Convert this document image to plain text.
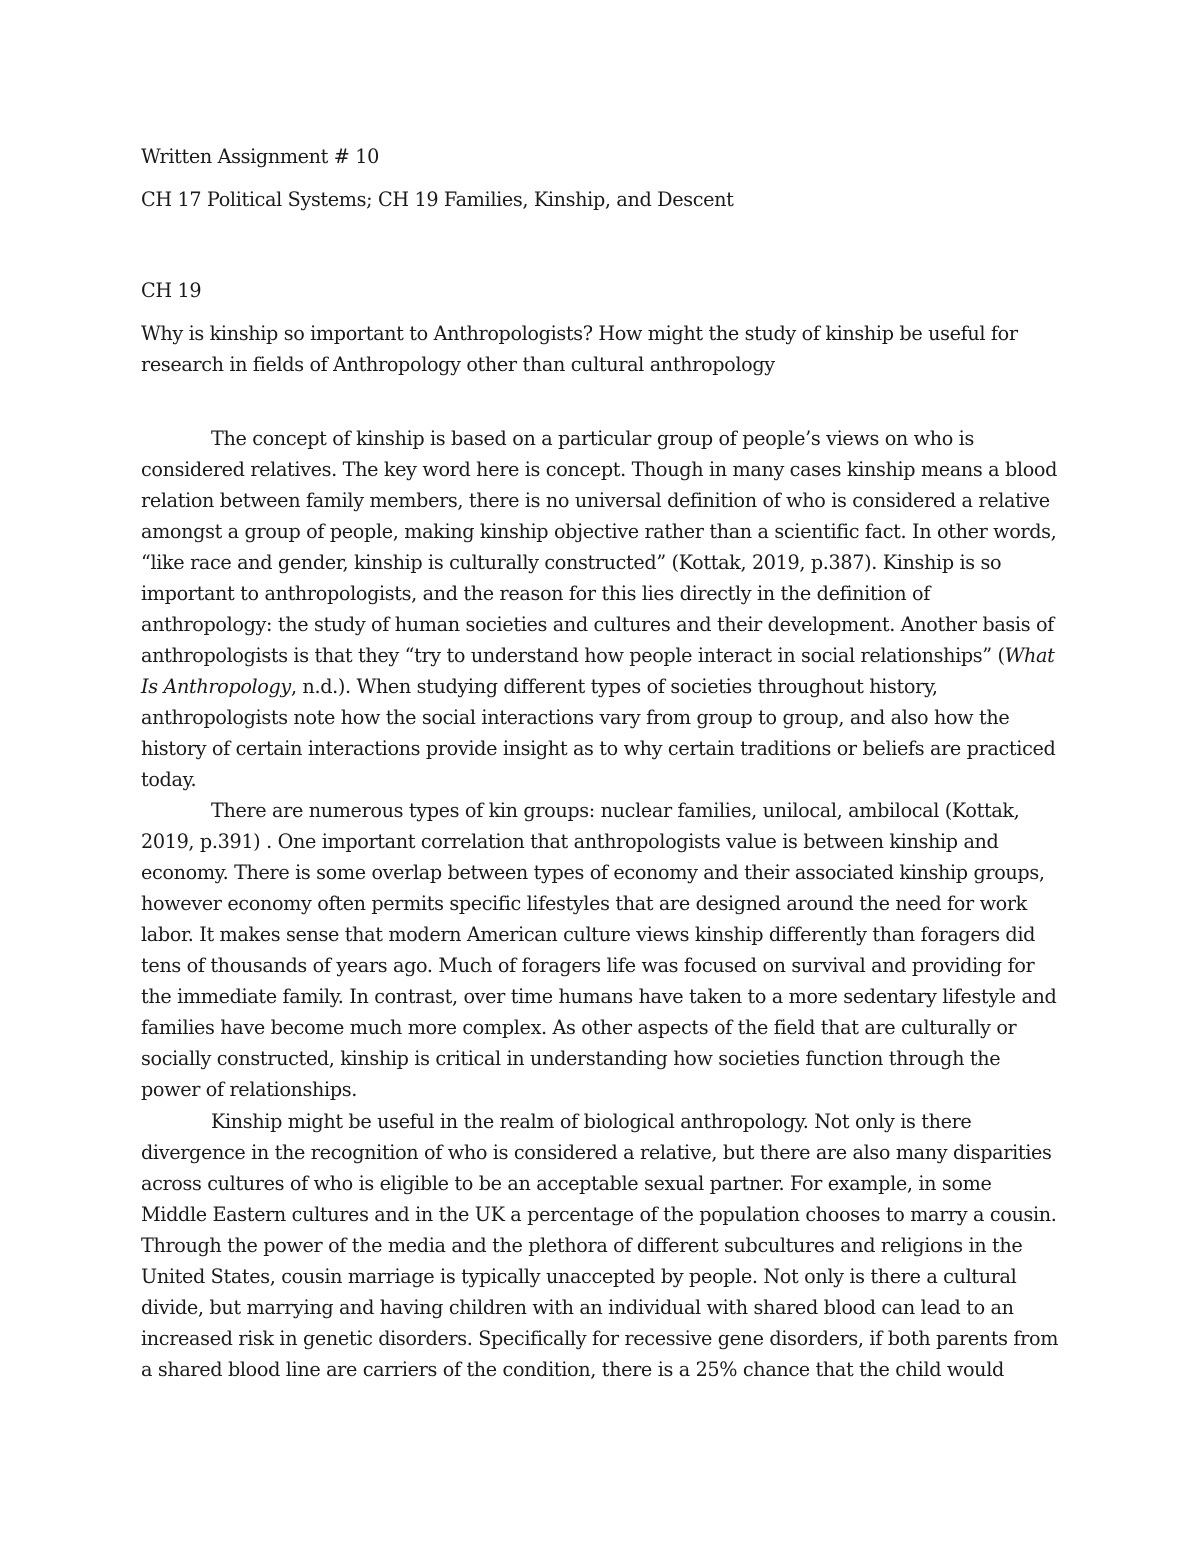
Written Assignment # 10
CH 17 Political Systems; CH 19 Families, Kinship, and Descent
CH 19
Why is kinship so important to Anthropologists? How might the study of kinship be useful for
research in fields of Anthropology other than cultural anthropology
The concept of kinship is based on a particular group of people’s views on who is
considered relatives. The key word here is concept. Though in many cases kinship means a blood
relation between family members, there is no universal definition of who is considered a relative
amongst a group of people, making kinship objective rather than a scientific fact. In other words,
“like race and gender, kinship is culturally constructed” (Kottak, 2019, p.387). Kinship is so
important to anthropologists, and the reason for this lies directly in the definition of
anthropology: the study of human societies and cultures and their development. Another basis of
anthropologists is that they “try to understand how people interact in social relationships” (What
Is Anthropology, n.d.). When studying different types of societies throughout history,
anthropologists note how the social interactions vary from group to group, and also how the
history of certain interactions provide insight as to why certain traditions or beliefs are practiced
today.
There are numerous types of kin groups: nuclear families, unilocal, ambilocal (Kottak,
2019, p.391) . One important correlation that anthropologists value is between kinship and
economy. There is some overlap between types of economy and their associated kinship groups,
however economy often permits specific lifestyles that are designed around the need for work
labor. It makes sense that modern American culture views kinship differently than foragers did
tens of thousands of years ago. Much of foragers life was focused on survival and providing for
the immediate family. In contrast, over time humans have taken to a more sedentary lifestyle and
families have become much more complex. As other aspects of the field that are culturally or
socially constructed, kinship is critical in understanding how societies function through the
power of relationships.
Kinship might be useful in the realm of biological anthropology. Not only is there
divergence in the recognition of who is considered a relative, but there are also many disparities
across cultures of who is eligible to be an acceptable sexual partner. For example, in some
Middle Eastern cultures and in the UK a percentage of the population chooses to marry a cousin.
Through the power of the media and the plethora of different subcultures and religions in the
United States, cousin marriage is typically unaccepted by people. Not only is there a cultural
divide, but marrying and having children with an individual with shared blood can lead to an
increased risk in genetic disorders. Specifically for recessive gene disorders, if both parents from
a shared blood line are carriers of the condition, there is a 25% chance that the child would
